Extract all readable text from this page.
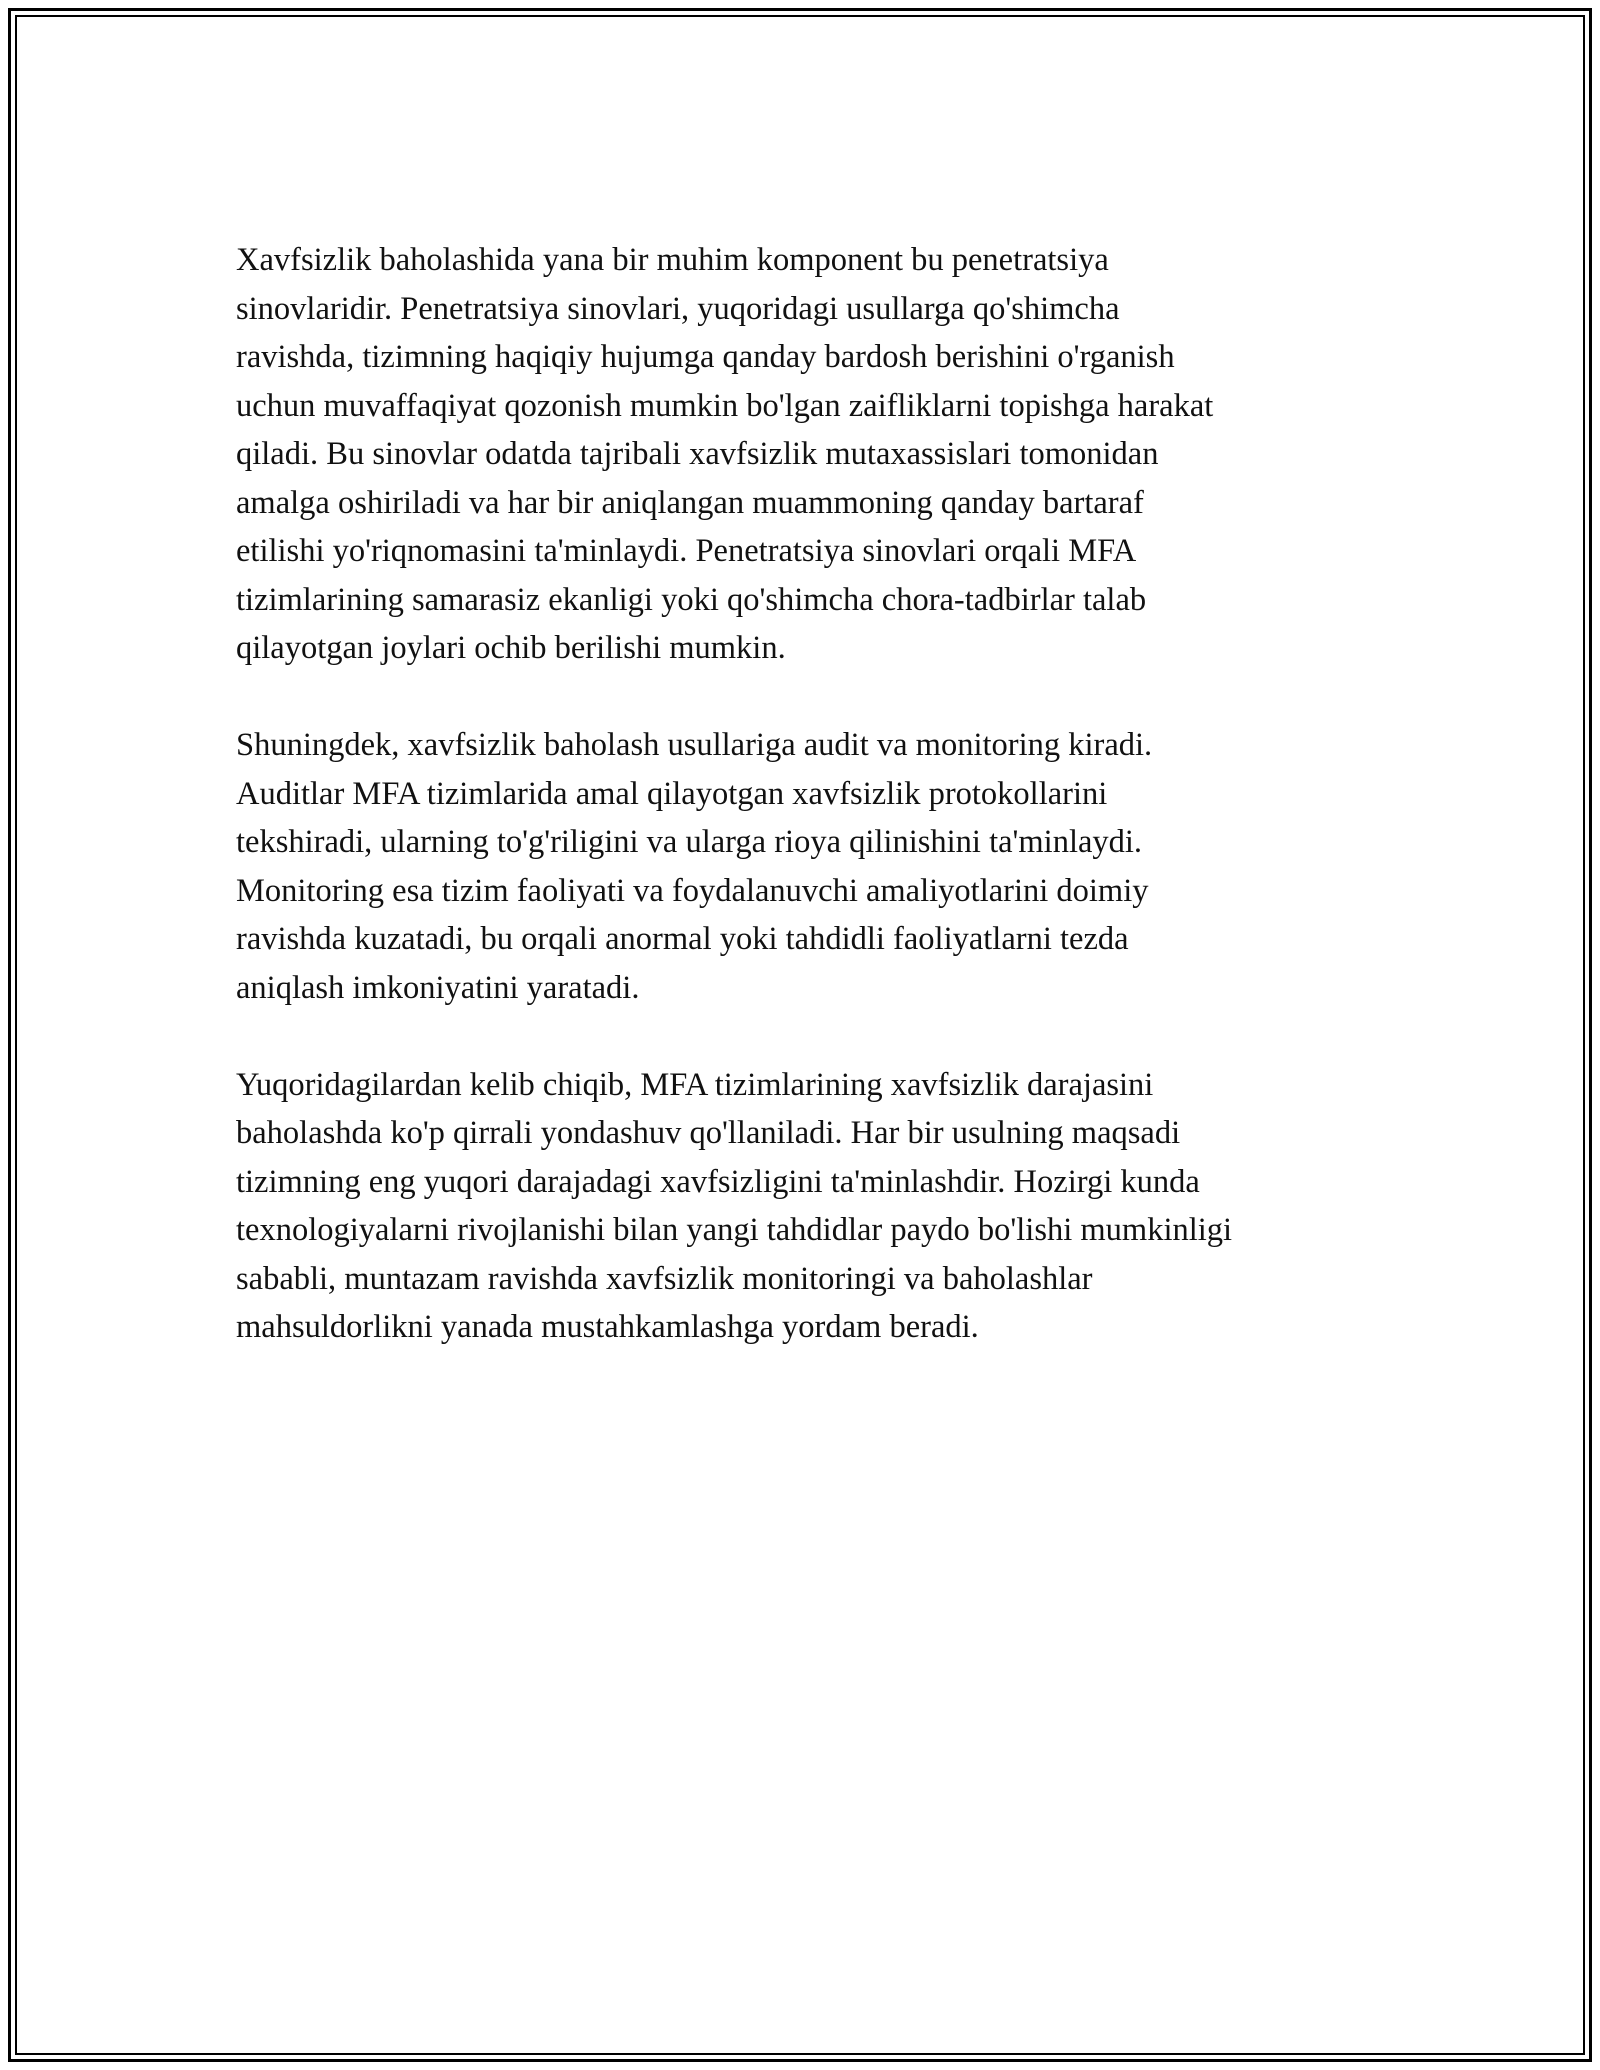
Xavfsizlik baholashida yana bir muhim komponent bu penetratsiya
sinovlaridir. Penetratsiya sinovlari, yuqoridagi usullarga qo'shimcha
ravishda, tizimning haqiqiy hujumga qanday bardosh berishini o'rganish
uchun muvaffaqiyat qozonish mumkin bo'lgan zaifliklarni topishga harakat
qiladi. Bu sinovlar odatda tajribali xavfsizlik mutaxassislari tomonidan
amalga oshiriladi va har bir aniqlangan muammoning qanday bartaraf
etilishi yo'riqnomasini ta'minlaydi. Penetratsiya sinovlari orqali MFA
tizimlarining samarasiz ekanligi yoki qo'shimcha chora-tadbirlar talab
qilayotgan joylari ochib berilishi mumkin.

Shuningdek, xavfsizlik baholash usullariga audit va monitoring kiradi.
Auditlar MFA tizimlarida amal qilayotgan xavfsizlik protokollarini
tekshiradi, ularning to'g'riligini va ularga rioya qilinishini ta'minlaydi.
Monitoring esa tizim faoliyati va foydalanuvchi amaliyotlarini doimiy
ravishda kuzatadi, bu orqali anormal yoki tahdidli faoliyatlarni tezda
aniqlash imkoniyatini yaratadi.

Yuqoridagilardan kelib chiqib, MFA tizimlarining xavfsizlik darajasini
baholashda ko'p qirrali yondashuv qo'llaniladi. Har bir usulning maqsadi
tizimning eng yuqori darajadagi xavfsizligini ta'minlashdir. Hozirgi kunda
texnologiyalarni rivojlanishi bilan yangi tahdidlar paydo bo'lishi mumkinligi
sababli, muntazam ravishda xavfsizlik monitoringi va baholashlar
mahsuldorlikni yanada mustahkamlashga yordam beradi.
